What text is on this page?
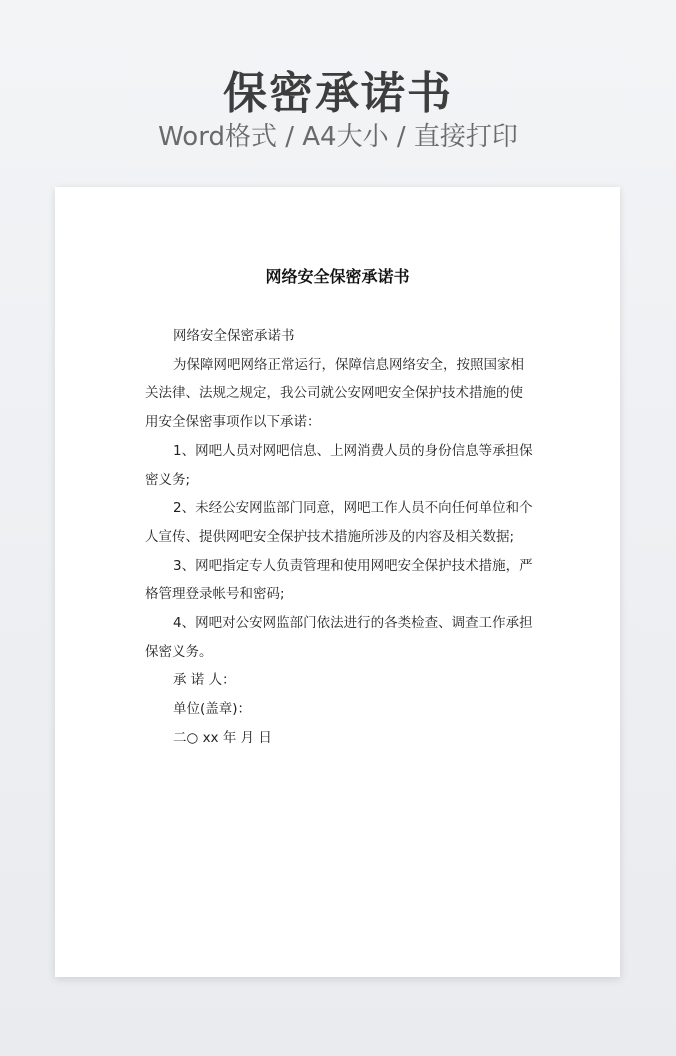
保密承诺书
Word格式 / A4大小 / 直接打印
网络安全保密承诺书

网络安全保密承诺书

为保障网吧网络正常运行，保障信息网络安全，按照国家相关法律、法规之规定，我公司就公安网吧安全保护技术措施的使用安全保密事项作以下承诺：

1、网吧人员对网吧信息、上网消费人员的身份信息等承担保密义务;

2、未经公安网监部门同意，网吧工作人员不向任何单位和个人宣传、提供网吧安全保护技术措施所涉及的内容及相关数据;

3、网吧指定专人负责管理和使用网吧安全保护技术措施，严格管理登录帐号和密码;

4、网吧对公安网监部门依法进行的各类检查、调查工作承担保密义务。

承 诺 人：

单位(盖章)：

二○ xx 年 月 日
